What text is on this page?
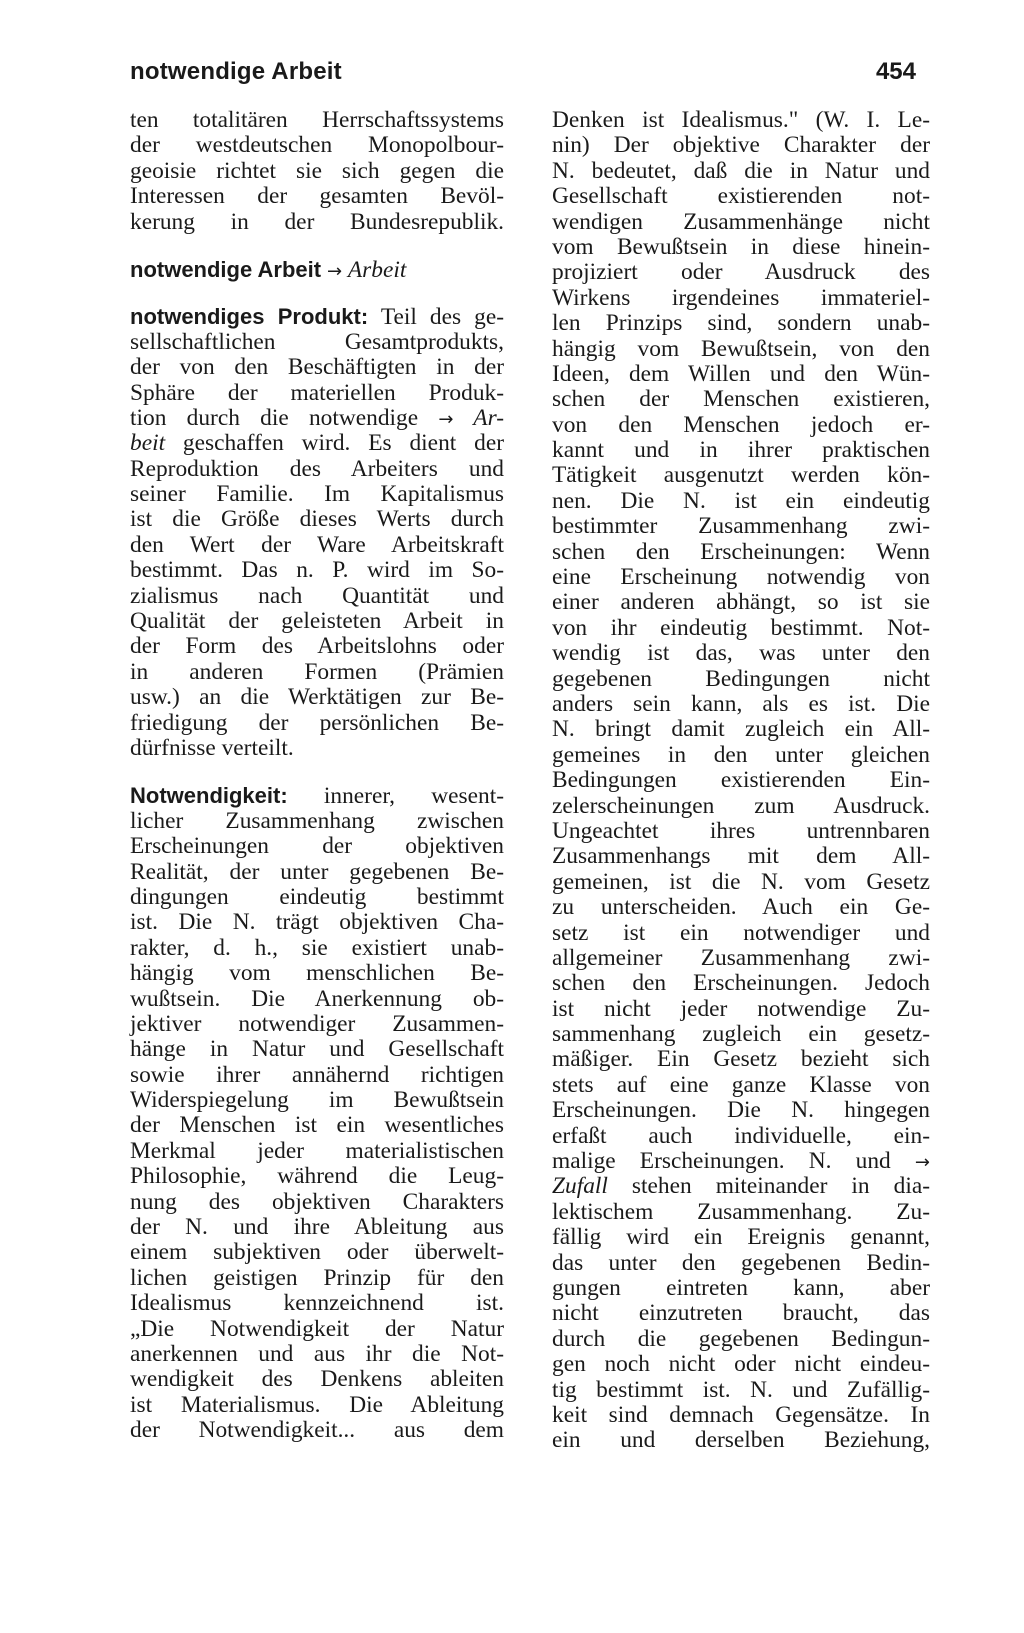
notwendige Arbeit	454
ten totalitären Herrschaftssystems
der westdeutschen Monopolbour-
geoisie richtet sie sich gegen die
Interessen der gesamten Bevöl-
kerung in der Bundesrepublik.
notwendige Arbeit → Arbeit
notwendiges Produkt: Teil des ge-
sellschaftlichen Gesamtprodukts,
der von den Beschäftigten in der
Sphäre der materiellen Produk-
tion durch die notwendige → Ar-
beit geschaffen wird. Es dient der
Reproduktion des Arbeiters und
seiner Familie. Im Kapitalismus
ist die Größe dieses Werts durch
den Wert der Ware Arbeitskraft
bestimmt. Das n. P. wird im So-
zialismus nach Quantität und
Qualität der geleisteten Arbeit in
der Form des Arbeitslohns oder
in anderen Formen (Prämien
usw.) an die Werktätigen zur Be-
friedigung der persönlichen Be-
dürfnisse verteilt.
Notwendigkeit: innerer, wesent-
licher Zusammenhang zwischen
Erscheinungen der objektiven
Realität, der unter gegebenen Be-
dingungen eindeutig bestimmt
ist. Die N. trägt objektiven Cha-
rakter, d. h., sie existiert unab-
hängig vom menschlichen Be-
wußtsein. Die Anerkennung ob-
jektiver notwendiger Zusammen-
hänge in Natur und Gesellschaft
sowie ihrer annähernd richtigen
Widerspiegelung im Bewußtsein
der Menschen ist ein wesentliches
Merkmal jeder materialistischen
Philosophie, während die Leug-
nung des objektiven Charakters
der N. und ihre Ableitung aus
einem subjektiven oder überwelt-
lichen geistigen Prinzip für den
Idealismus kennzeichnend ist.
„Die Notwendigkeit der Natur
anerkennen und aus ihr die Not-
wendigkeit des Denkens ableiten
ist Materialismus. Die Ableitung
der Notwendigkeit... aus dem
Denken ist Idealismus." (W. I. Le-
nin) Der objektive Charakter der
N. bedeutet, daß die in Natur und
Gesellschaft existierenden not-
wendigen Zusammenhänge nicht
vom Bewußtsein in diese hinein-
projiziert oder Ausdruck des
Wirkens irgendeines immateriel-
len Prinzips sind, sondern unab-
hängig vom Bewußtsein, von den
Ideen, dem Willen und den Wün-
schen der Menschen existieren,
von den Menschen jedoch er-
kannt und in ihrer praktischen
Tätigkeit ausgenutzt werden kön-
nen. Die N. ist ein eindeutig
bestimmter Zusammenhang zwi-
schen den Erscheinungen: Wenn
eine Erscheinung notwendig von
einer anderen abhängt, so ist sie
von ihr eindeutig bestimmt. Not-
wendig ist das, was unter den
gegebenen Bedingungen nicht
anders sein kann, als es ist. Die
N. bringt damit zugleich ein All-
gemeines in den unter gleichen
Bedingungen existierenden Ein-
zelerscheinungen zum Ausdruck.
Ungeachtet ihres untrennbaren
Zusammenhangs mit dem All-
gemeinen, ist die N. vom Gesetz
zu unterscheiden. Auch ein Ge-
setz ist ein notwendiger und
allgemeiner Zusammenhang zwi-
schen den Erscheinungen. Jedoch
ist nicht jeder notwendige Zu-
sammenhang zugleich ein gesetz-
mäßiger. Ein Gesetz bezieht sich
stets auf eine ganze Klasse von
Erscheinungen. Die N. hingegen
erfaßt auch individuelle, ein-
malige Erscheinungen. N. und →
Zufall stehen miteinander in dia-
lektischem Zusammenhang. Zu-
fällig wird ein Ereignis genannt,
das unter den gegebenen Bedin-
gungen eintreten kann, aber
nicht einzutreten braucht, das
durch die gegebenen Bedingun-
gen noch nicht oder nicht eindeu-
tig bestimmt ist. N. und Zufällig-
keit sind demnach Gegensätze. In
ein und derselben Beziehung,
